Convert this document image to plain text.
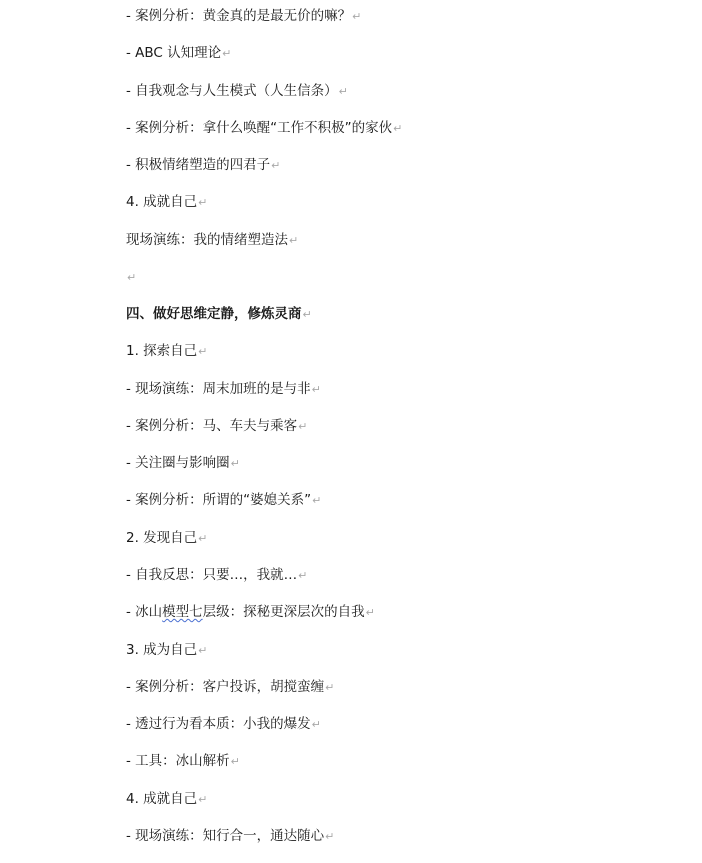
- 案例分析：黄金真的是最无价的嘛？↵
- ABC 认知理论↵
- 自我观念与人生模式（人生信条）↵
- 案例分析：拿什么唤醒“工作不积极”的家伙↵
- 积极情绪塑造的四君子↵
4. 成就自己↵
现场演练：我的情绪塑造法↵
↵
四、做好思维定静，修炼灵商↵
1. 探索自己↵
- 现场演练：周末加班的是与非↵
- 案例分析：马、车夫与乘客↵
- 关注圈与影响圈↵
- 案例分析：所谓的“婆媳关系”↵
2. 发现自己↵
- 自我反思：只要…，我就…↵
- 冰山模型七层级：探秘更深层次的自我↵
3. 成为自己↵
- 案例分析：客户投诉，胡搅蛮缠↵
- 透过行为看本质：小我的爆发↵
- 工具：冰山解析↵
4. 成就自己↵
- 现场演练：知行合一，通达随心↵
